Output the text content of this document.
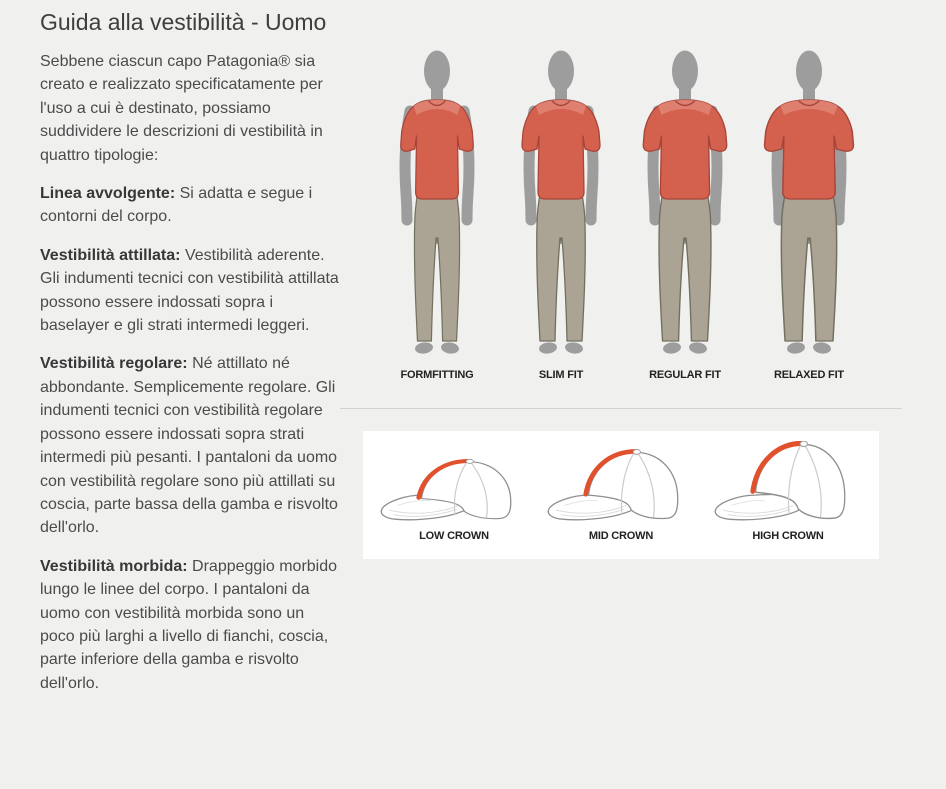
Guida alla vestibilità - Uomo

Sebbene ciascun capo Patagonia® sia creato e realizzato specificatamente per l'uso a cui è destinato, possiamo suddividere le descrizioni di vestibilità in quattro tipologie:

Linea avvolgente: Si adatta e segue i contorni del corpo.

Vestibilità attillata: Vestibilità aderente. Gli indumenti tecnici con vestibilità attillata possono essere indossati sopra i baselayer e gli strati intermedi leggeri.

Vestibilità regolare: Né attillato né abbondante. Semplicemente regolare. Gli indumenti tecnici con vestibilità regolare possono essere indossati sopra strati intermedi più pesanti. I pantaloni da uomo con vestibilità regolare sono più attillati su coscia, parte bassa della gamba e risvolto dell'orlo.

Vestibilità morbida: Drappeggio morbido lungo le linee del corpo. I pantaloni da uomo con vestibilità morbida sono un poco più larghi a livello di fianchi, coscia, parte inferiore della gamba e risvolto dell'orlo.

FORMFITTING	SLIM FIT	REGULAR FIT	RELAXED FIT
LOW CROWN	MID CROWN	HIGH CROWN
